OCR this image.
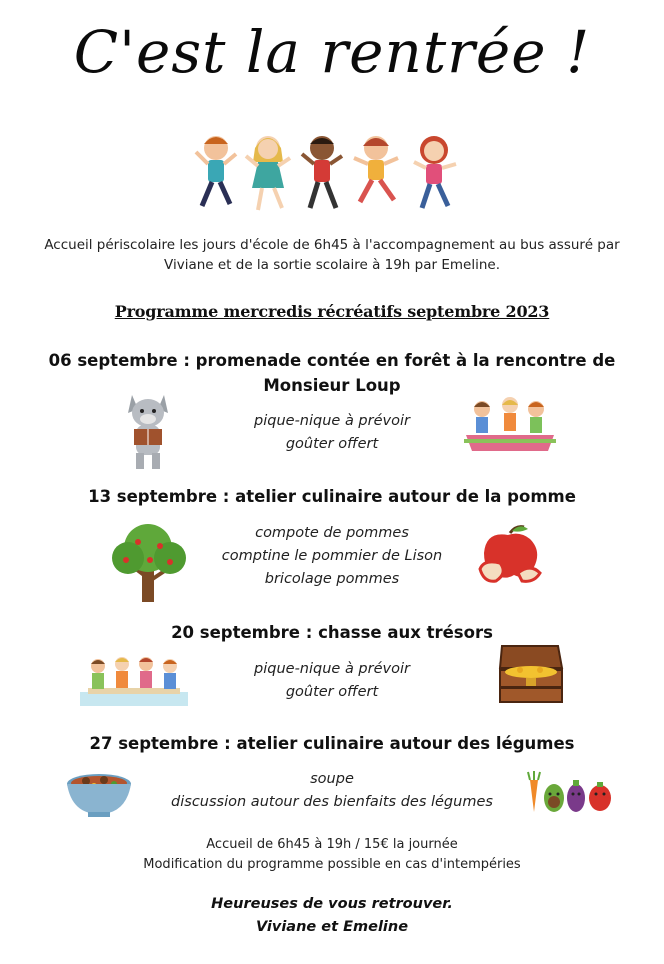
C'est la rentrée !
Accueil périscolaire les jours d'école de 6h45 à l'accompagnement au bus assuré par
Viviane et de la sortie scolaire à 19h par Emeline.
Programme mercredis récréatifs septembre 2023
06 septembre : promenade contée en forêt à la rencontre de
Monsieur Loup
pique-nique à prévoir
goûter offert
13 septembre : atelier culinaire autour de la pomme
compote de pommes
comptine le pommier de Lison
bricolage pommes
20 septembre : chasse aux trésors
pique-nique à prévoir
goûter offert
27 septembre : atelier culinaire autour des légumes
soupe
discussion autour des bienfaits des légumes
Accueil de 6h45 à 19h / 15€ la journée
Modification du programme possible en cas d'intempéries
Heureuses de vous retrouver.
Viviane et Emeline
